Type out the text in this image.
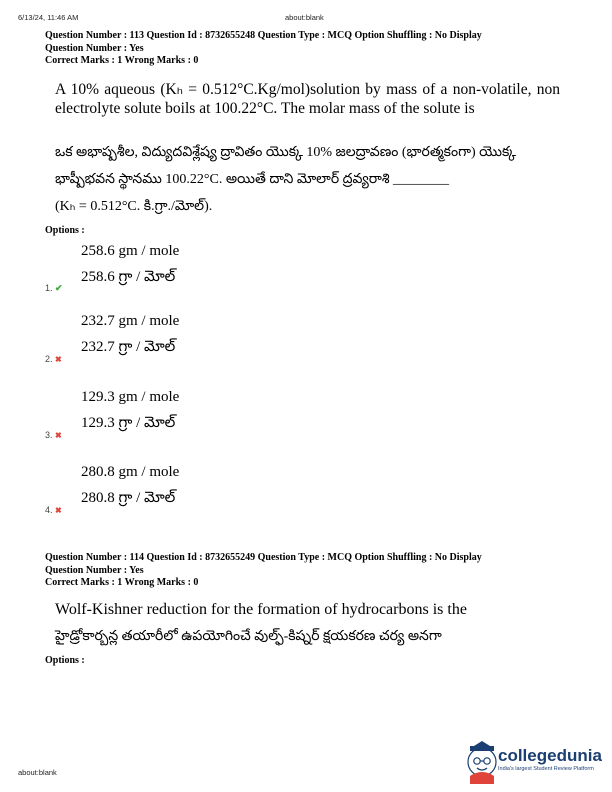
6/13/24, 11:46 AM	about:blank
Question Number : 113 Question Id : 8732655248 Question Type : MCQ Option Shuffling : No Display
Question Number : Yes
Correct Marks : 1 Wrong Marks : 0
A 10% aqueous (Kₕ = 0.512°C.Kg/mol)solution by mass of a non-volatile, non electrolyte solute boils at 100.22°C. The molar mass of the solute is
ఒక అభాష్పశీల, విద్యుదవిశ్లేష్య ద్రావితం యొక్క 10% జలద్రావణం (భారత్మకంగా) యొక్క
భాష్పీభవన స్థానము 100.22°C. అయితే దాని మోలార్ ద్రవ్యరాశి ________
(Kₕ = 0.512°C. కి.గ్రా./మోల్).
Options :
258.6 gm / mole
258.6 గ్రా / మోల్
1. ✔
232.7 gm / mole
232.7 గ్రా / మోల్
2. ✖
129.3 gm / mole
129.3 గ్రా / మోల్
3. ✖
280.8 gm / mole
280.8 గ్రా / మోల్
4. ✖
Question Number : 114 Question Id : 8732655249 Question Type : MCQ Option Shuffling : No Display
Question Number : Yes
Correct Marks : 1 Wrong Marks : 0
Wolf-Kishner reduction for the formation of hydrocarbons is the
హైడ్రోకార్బన్ల తయారీలో ఉపయోగించే వుల్ఫ్-కిష్నర్ క్షయకరణ చర్య అనగా
Options :
collegedunia
India's largest Student Review Platform
about:blank
